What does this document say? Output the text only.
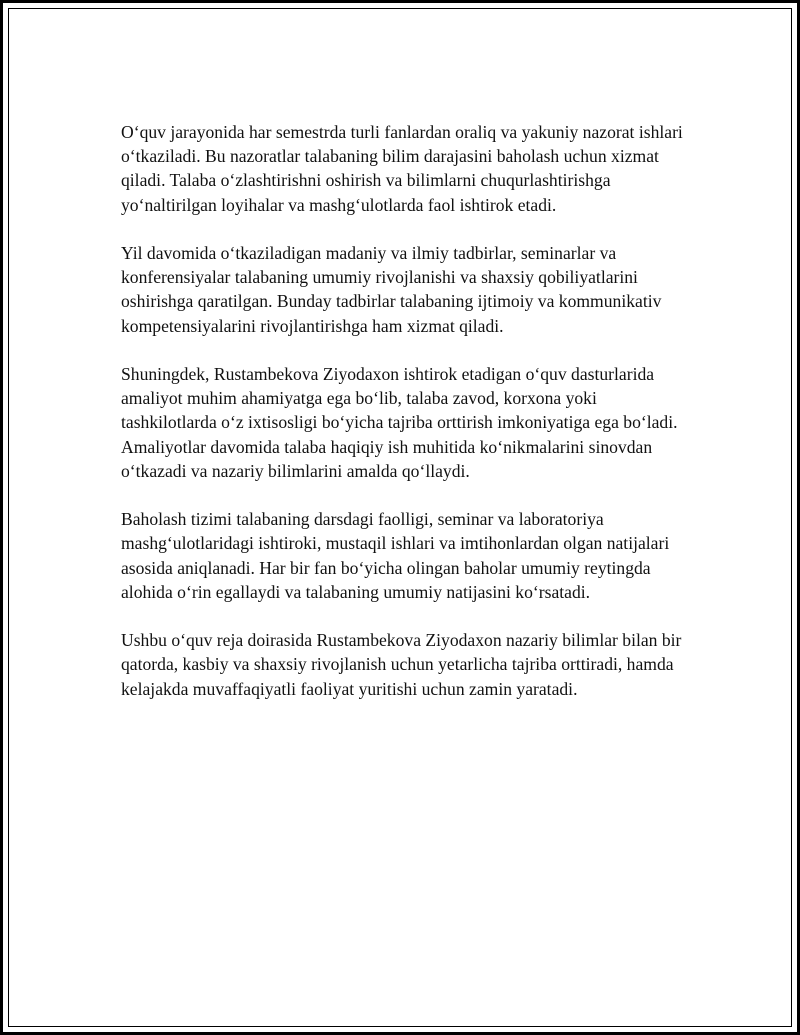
O‘quv jarayonida har semestrda turli fanlardan oraliq va yakuniy nazorat ishlari o‘tkaziladi. Bu nazoratlar talabaning bilim darajasini baholash uchun xizmat qiladi. Talaba o‘zlashtirishni oshirish va bilimlarni chuqurlashtirishga yo‘naltirilgan loyihalar va mashg‘ulotlarda faol ishtirok etadi.

Yil davomida o‘tkaziladigan madaniy va ilmiy tadbirlar, seminarlar va konferensiyalar talabaning umumiy rivojlanishi va shaxsiy qobiliyatlarini oshirishga qaratilgan. Bunday tadbirlar talabaning ijtimoiy va kommunikativ kompetensiyalarini rivojlantirishga ham xizmat qiladi.

Shuningdek, Rustambekova Ziyodaxon ishtirok etadigan o‘quv dasturlarida amaliyot muhim ahamiyatga ega bo‘lib, talaba zavod, korxona yoki tashkilotlarda o‘z ixtisosligi bo‘yicha tajriba orttirish imkoniyatiga ega bo‘ladi. Amaliyotlar davomida talaba haqiqiy ish muhitida ko‘nikmalarini sinovdan o‘tkazadi va nazariy bilimlarini amalda qo‘llaydi.

Baholash tizimi talabaning darsdagi faolligi, seminar va laboratoriya mashg‘ulotlaridagi ishtiroki, mustaqil ishlari va imtihonlardan olgan natijalari asosida aniqlanadi. Har bir fan bo‘yicha olingan baholar umumiy reytingda alohida o‘rin egallaydi va talabaning umumiy natijasini ko‘rsatadi.

Ushbu o‘quv reja doirasida Rustambekova Ziyodaxon nazariy bilimlar bilan bir qatorda, kasbiy va shaxsiy rivojlanish uchun yetarlicha tajriba orttiradi, hamda kelajakda muvaffaqiyatli faoliyat yuritishi uchun zamin yaratadi.
